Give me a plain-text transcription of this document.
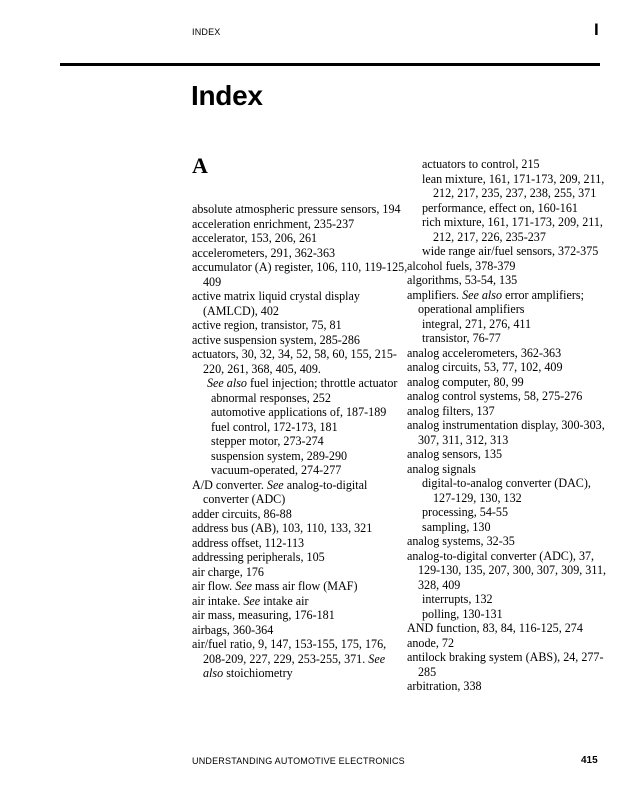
INDEX	I
Index
A
absolute atmospheric pressure sensors, 194
acceleration enrichment, 235-237
accelerator, 153, 206, 261
accelerometers, 291, 362-363
accumulator (A) register, 106, 110, 119-125, 409
active matrix liquid crystal display (AMLCD), 402
active region, transistor, 75, 81
active suspension system, 285-286
actuators, 30, 32, 34, 52, 58, 60, 155, 215-220, 261, 368, 405, 409.
See also fuel injection; throttle actuator
abnormal responses, 252
automotive applications of, 187-189
fuel control, 172-173, 181
stepper motor, 273-274
suspension system, 289-290
vacuum-operated, 274-277
A/D converter. See analog-to-digital converter (ADC)
adder circuits, 86-88
address bus (AB), 103, 110, 133, 321
address offset, 112-113
addressing peripherals, 105
air charge, 176
air flow. See mass air flow (MAF)
air intake. See intake air
air mass, measuring, 176-181
airbags, 360-364
air/fuel ratio, 9, 147, 153-155, 175, 176, 208-209, 227, 229, 253-255, 371. See also stoichiometry
actuators to control, 215
lean mixture, 161, 171-173, 209, 211, 212, 217, 235, 237, 238, 255, 371
performance, effect on, 160-161
rich mixture, 161, 171-173, 209, 211, 212, 217, 226, 235-237
wide range air/fuel sensors, 372-375
alcohol fuels, 378-379
algorithms, 53-54, 135
amplifiers. See also error amplifiers; operational amplifiers
integral, 271, 276, 411
transistor, 76-77
analog accelerometers, 362-363
analog circuits, 53, 77, 102, 409
analog computer, 80, 99
analog control systems, 58, 275-276
analog filters, 137
analog instrumentation display, 300-303, 307, 311, 312, 313
analog sensors, 135
analog signals
digital-to-analog converter (DAC), 127-129, 130, 132
processing, 54-55
sampling, 130
analog systems, 32-35
analog-to-digital converter (ADC), 37, 129-130, 135, 207, 300, 307, 309, 311, 328, 409
interrupts, 132
polling, 130-131
AND function, 83, 84, 116-125, 274
anode, 72
antilock braking system (ABS), 24, 277-285
arbitration, 338
UNDERSTANDING AUTOMOTIVE ELECTRONICS	415
